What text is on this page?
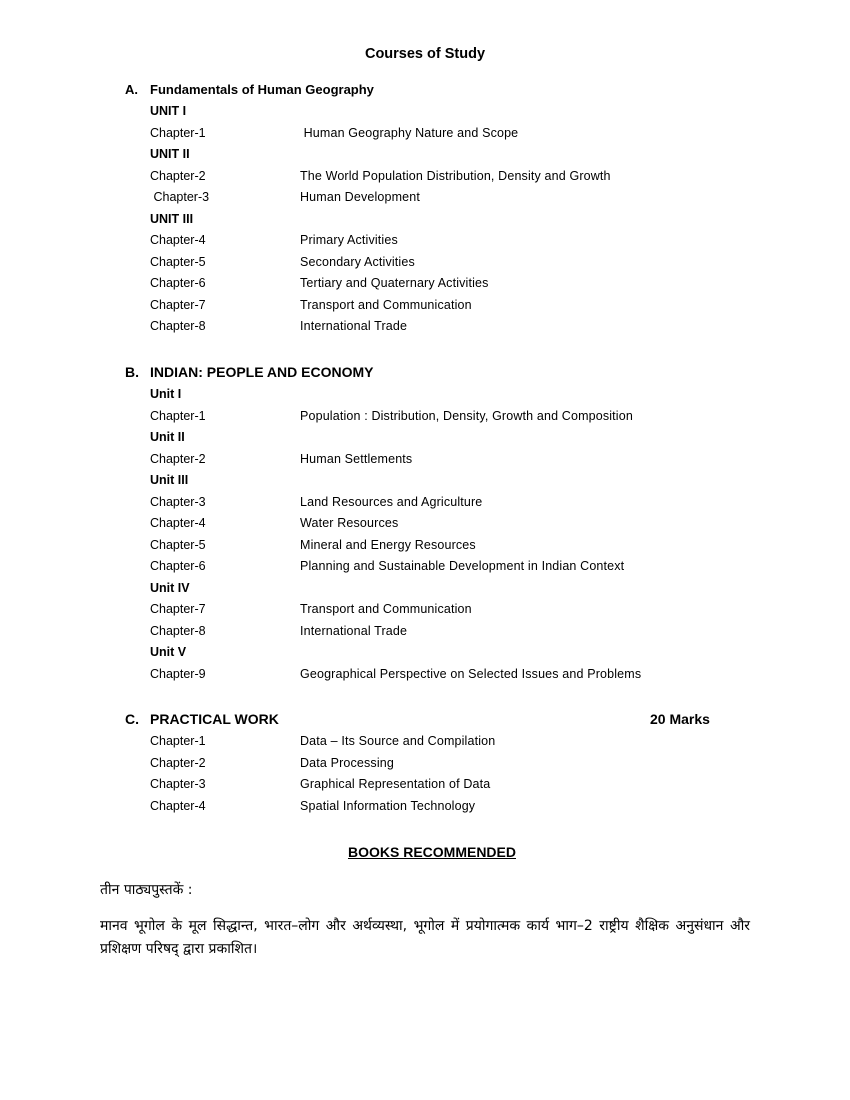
Courses of Study
A. Fundamentals of Human Geography
UNIT I
Chapter-1	Human Geography Nature and Scope
UNIT II
Chapter-2	The World Population Distribution, Density and Growth
Chapter-3	Human Development
UNIT III
Chapter-4	Primary Activities
Chapter-5	Secondary Activities
Chapter-6	Tertiary and Quaternary Activities
Chapter-7	Transport and Communication
Chapter-8	International Trade
B. INDIAN: PEOPLE AND ECONOMY
Unit I
Chapter-1	Population : Distribution, Density, Growth and Composition
Unit II
Chapter-2	Human Settlements
Unit III
Chapter-3	Land Resources and Agriculture
Chapter-4	Water Resources
Chapter-5	Mineral and Energy Resources
Chapter-6	Planning and Sustainable Development in Indian Context
Unit IV
Chapter-7	Transport and Communication
Chapter-8	International Trade
Unit V
Chapter-9	Geographical Perspective on Selected Issues and Problems
C. PRACTICAL WORK	20 Marks
Chapter-1	Data – Its Source and Compilation
Chapter-2	Data Processing
Chapter-3	Graphical Representation of Data
Chapter-4	Spatial Information Technology
BOOKS RECOMMENDED
तीन पाठ्यपुस्तकें :
मानव भूगोल के मूल सिद्धान्त, भारत–लोग और अर्थव्यस्था, भूगोल में प्रयोगात्मक कार्य भाग–2 राष्ट्रीय शैक्षिक अनुसंधान और प्रशिक्षण परिषद् द्वारा प्रकाशित।
